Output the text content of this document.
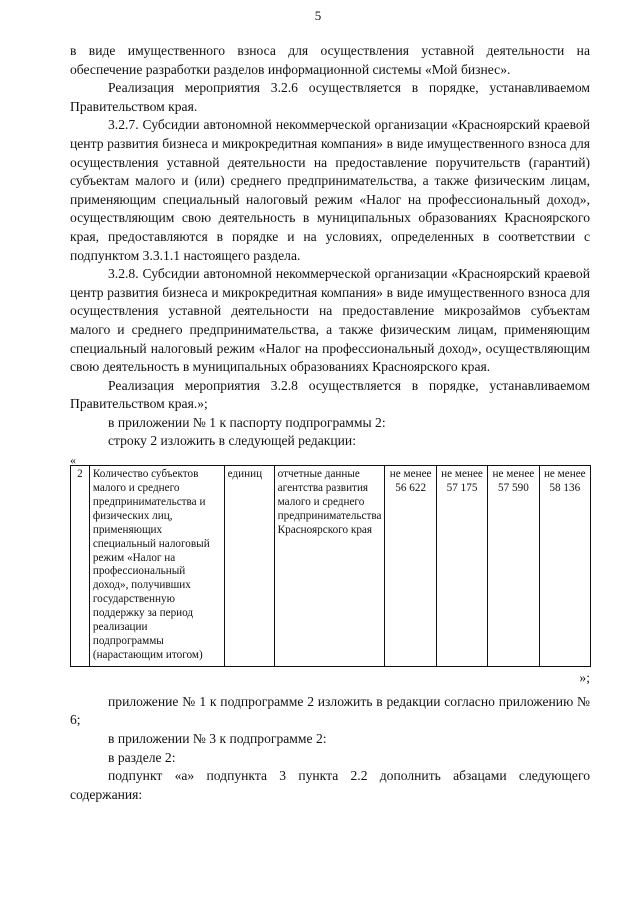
5

в виде имущественного взноса для осуществления уставной деятельности на обеспечение разработки разделов информационной системы «Мой бизнес».

Реализация мероприятия 3.2.6 осуществляется в порядке, устанавливаемом Правительством края.

3.2.7. Субсидии автономной некоммерческой организации «Красноярский краевой центр развития бизнеса и микрокредитная компания» в виде имущественного взноса для осуществления уставной деятельности на предоставление поручительств (гарантий) субъектам малого и (или) среднего предпринимательства, а также физическим лицам, применяющим специальный налоговый режим «Налог на профессиональный доход», осуществляющим свою деятельность в муниципальных образованиях Красноярского края, предоставляются в порядке и на условиях, определенных в соответствии с подпунктом 3.3.1.1 настоящего раздела.

3.2.8. Субсидии автономной некоммерческой организации «Красноярский краевой центр развития бизнеса и микрокредитная компания» в виде имущественного взноса для осуществления уставной деятельности на предоставление микрозаймов субъектам малого и среднего предпринимательства, а также физическим лицам, применяющим специальный налоговый режим «Налог на профессиональный доход», осуществляющим свою деятельность в муниципальных образованиях Красноярского края.

Реализация мероприятия 3.2.8 осуществляется в порядке, устанавливаемом Правительством края.»;

в приложении № 1 к паспорту подпрограммы 2:

строку 2 изложить в следующей редакции:

«
2	Количество субъектов малого и среднего предпринимательства и физических лиц, применяющих специальный налоговый режим «Налог на профессиональный доход», получивших государственную поддержку за период реализации подпрограммы (нарастающим итогом)	единиц	отчетные данные агентства развития малого и среднего предпринимательства Красноярского края	не менее 56 622	не менее 57 175	не менее 57 590	не менее 58 136
»;

приложение № 1 к подпрограмме 2 изложить в редакции согласно приложению № 6;

в приложении № 3 к подпрограмме 2:

в разделе 2:

подпункт «а» подпункта 3 пункта 2.2 дополнить абзацами следующего содержания:
